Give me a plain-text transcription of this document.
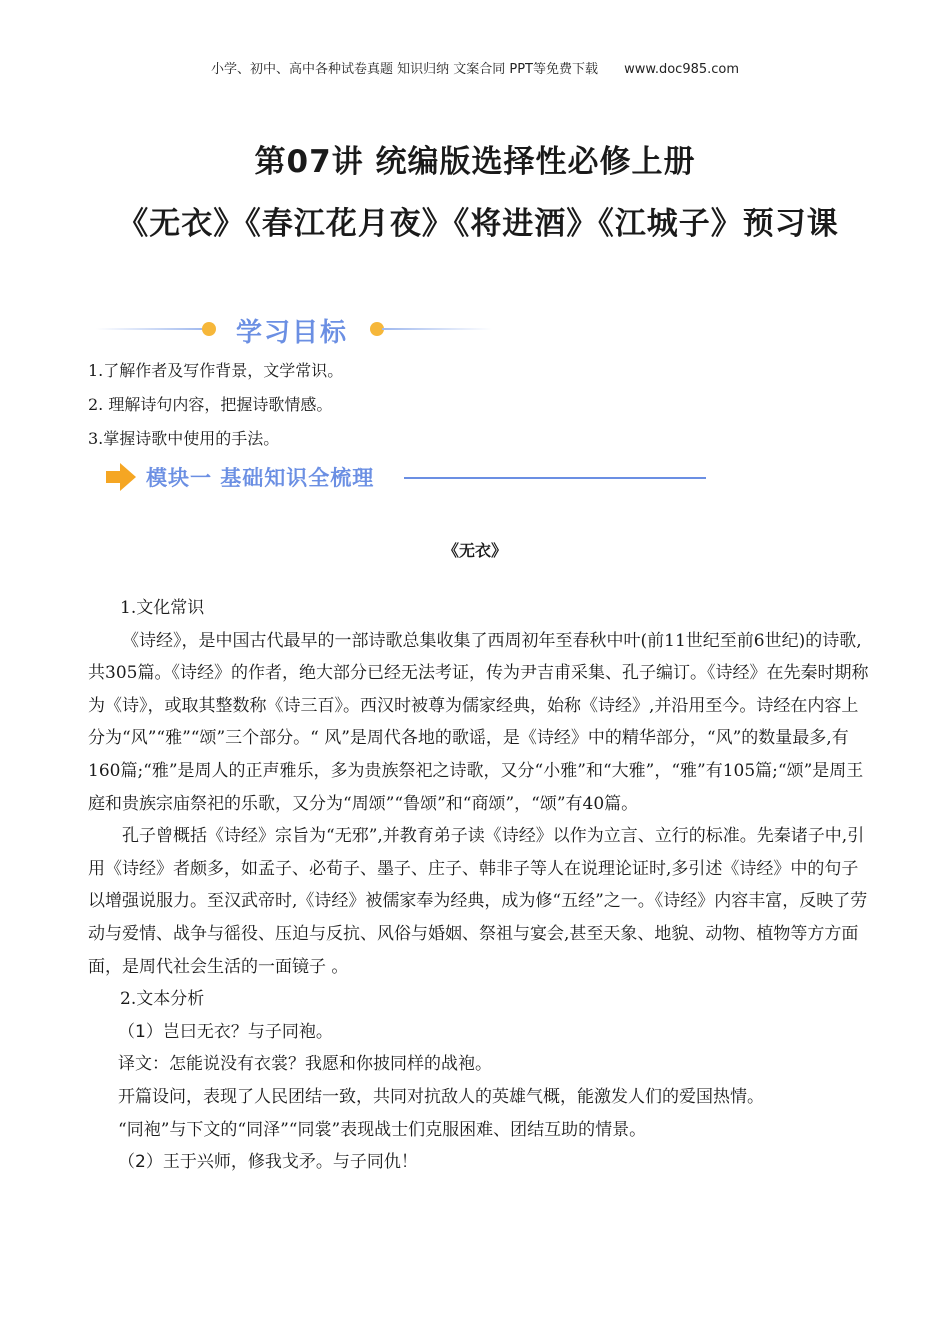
小学、初中、高中各种试卷真题 知识归纳 文案合同 PPT等免费下载 www.doc985.com
第07讲 统编版选择性必修上册
《无衣》《春江花月夜》《将进酒》《江城子》预习课
学习目标
1.了解作者及写作背景，文学常识。
2. 理解诗句内容，把握诗歌情感。
3.掌握诗歌中使用的手法。
模块一 基础知识全梳理
《无衣》

1.文化常识

《诗经》，是中国古代最早的一部诗歌总集收集了西周初年至春秋中叶(前11世纪至前6世纪)的诗歌,共305篇。《诗经》的作者，绝大部分已经无法考证，传为尹吉甫采集、孔子编订。《诗经》在先秦时期称为《诗》，或取其整数称《诗三百》。西汉时被尊为儒家经典，始称《诗经》,并沿用至今。诗经在内容上分为“风”“雅”“颂”三个部分。“ 风”是周代各地的歌谣，是《诗经》中的精华部分，“风”的数量最多,有160篇;“雅”是周人的正声雅乐，多为贵族祭祀之诗歌，又分“小雅”和“大雅”，“雅”有105篇;“颂”是周王庭和贵族宗庙祭祀的乐歌，又分为“周颂”“鲁颂”和“商颂”，“颂”有40篇。

孔子曾概括《诗经》宗旨为“无邪”,并教育弟子读《诗经》以作为立言、立行的标准。先秦诸子中,引用《诗经》者颇多，如孟子、必荀子、墨子、庄子、韩非子等人在说理论证时,多引述《诗经》中的句子以增强说服力。至汉武帝时,《诗经》被儒家奉为经典，成为修“五经”之一。《诗经》内容丰富，反映了劳动与爱情、战争与徭役、压迫与反抗、风俗与婚姻、祭祖与宴会,甚至天象、地貌、动物、植物等方方面面，是周代社会生活的一面镜子 。

2.文本分析

（1）岂曰无衣？与子同袍。

译文：怎能说没有衣裳？我愿和你披同样的战袍。

开篇设问，表现了人民团结一致，共同对抗敌人的英雄气概，能激发人们的爱国热情。

“同袍”与下文的“同泽”“同裳”表现战士们克服困难、团结互助的情景。

（2）王于兴师，修我戈矛。与子同仇！
